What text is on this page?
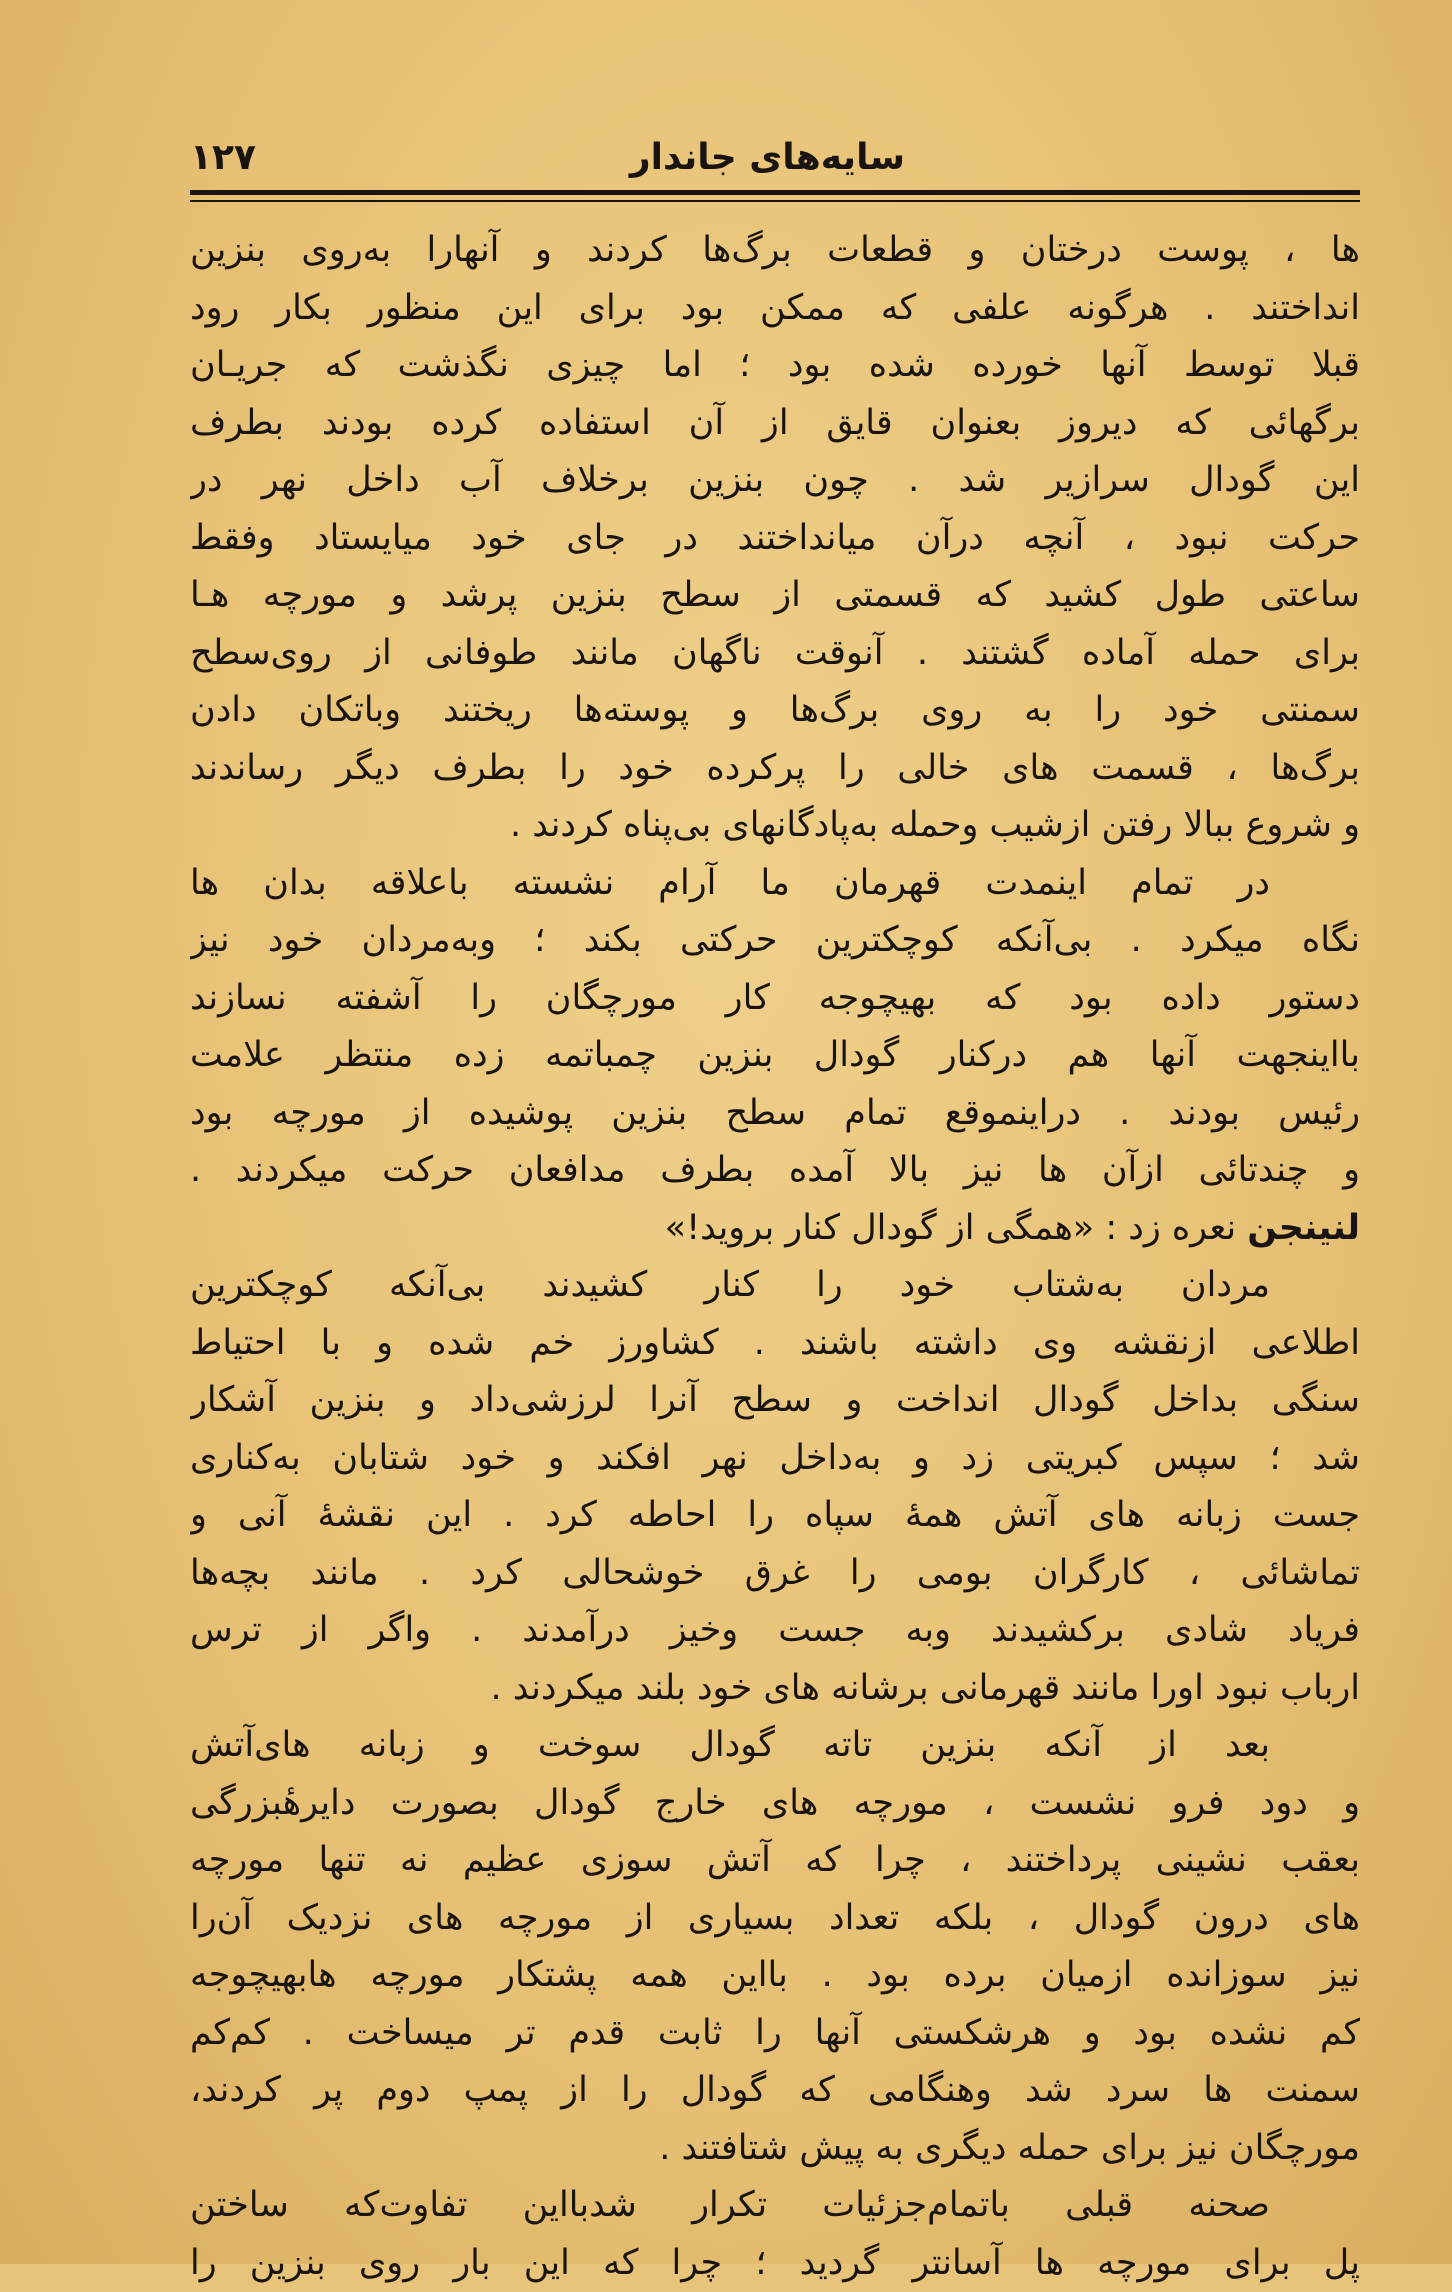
سایه‌های جاندار
۱۲۷
ها ، پوست درختان و قطعات برگ‌ها کردند و آنهارا به‌روی بنزین
انداختند . هرگونه علفی که ممکن بود برای این منظور بکار رود
قبلا توسط آنها خورده شده بود ؛ اما چیزی نگذشت که جریـان
برگهائی که دیروز بعنوان قایق از آن استفاده کرده بودند بطرف
این گودال سرازیر شد . چون بنزین برخلاف آب داخل نهر در
حرکت نبود ، آنچه درآن میانداختند در جای خود میایستاد وفقط
ساعتی طول کشید که قسمتی از سطح بنزین پرشد و مورچه هـا
برای حمله آماده گشتند . آنوقت ناگهان مانند طوفانی از روی‌سطح
سمنتی خود را به روی برگ‌ها و پوسته‌ها ریختند وباتکان دادن
برگ‌ها ، قسمت های خالی را پرکرده خود را بطرف دیگر رساندند
و شروع ببالا رفتن ازشیب وحمله به‌پادگانهای بی‌پناه کردند .
در تمام اینمدت قهرمان ما آرام نشسته باعلاقه بدان ها
نگاه میکرد . بی‌آنکه کوچکترین حرکتی بکند ؛ وبه‌مردان خود نیز
دستور داده بود که بهیچوجه کار مورچگان را آشفته نسازند
بااینجهت آنها هم درکنار گودال بنزین چمباتمه زده منتظر علامت
رئیس بودند . دراینموقع تمام سطح بنزین پوشیده از مورچه بود
و چندتائی ازآن ها نیز بالا آمده بطرف مدافعان حرکت میکردند .
لنینجن نعره زد : «همگی از گودال کنار بروید!»
مردان به‌شتاب خود را کنار کشیدند بی‌آنکه کوچکترین
اطلاعی ازنقشه وی داشته باشند . کشاورز خم شده و با احتیاط
سنگی بداخل گودال انداخت و سطح آنرا لرزشی‌داد و بنزین آشکار
شد ؛ سپس کبریتی زد و به‌داخل نهر افکند و خود شتابان به‌کناری
جست زبانه های آتش همهٔ سپاه را احاطه کرد . این نقشهٔ آنی و
تماشائی ، کارگران بومی را غرق خوشحالی کرد . مانند بچه‌ها
فریاد شادی برکشیدند وبه جست وخیز درآمدند . واگر از ترس
ارباب نبود اورا مانند قهرمانی برشانه های خود بلند میکردند .
بعد از آنکه بنزین تاته گودال سوخت و زبانه های‌آتش
و دود فرو نشست ، مورچه های خارج گودال بصورت دایرهٔبزرگی
بعقب نشینی پرداختند ، چرا که آتش سوزی عظیم نه تنها مورچه
های درون گودال ، بلکه تعداد بسیاری از مورچه های نزدیک آن‌را
نیز سوزانده ازمیان برده بود . بااین همه پشتکار مورچه هابهیچوجه
کم نشده بود و هرشکستی آنها را ثابت قدم تر میساخت . کم‌کم
سمنت ها سرد شد وهنگامی که گودال را از پمپ دوم پر کردند،
مورچگان نیز برای حمله دیگری به پیش شتافتند .
صحنه قبلی باتمام‌جزئیات تکرار شدبااین تفاوت‌که ساختن
پل برای مورچه ها آسانتر گردید ؛ چرا که این بار روی بنزین را
